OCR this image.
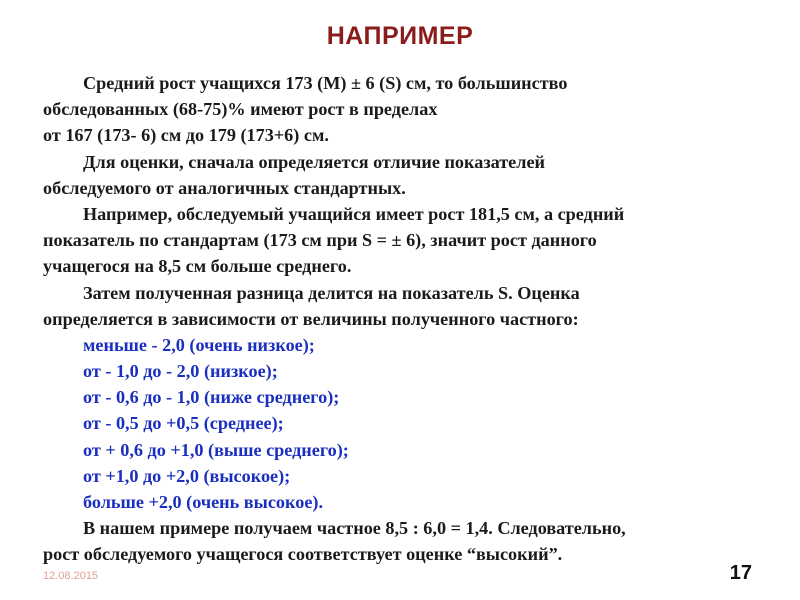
НАПРИМЕР
Средний рост учащихся 173 (М) ± 6 (S) см, то большинство
обследованных (68-75)% имеют рост в пределах
от 167 (173- 6) см до 179 (173+6) см.
Для оценки, сначала определяется отличие показателей
обследуемого от аналогичных стандартных.
Например, обследуемый учащийся имеет рост 181,5 см, а средний
показатель по стандартам (173 см при S = ± 6), значит рост данного
учащегося на 8,5 см больше среднего.
Затем полученная разница делится на показатель S. Оценка
определяется в зависимости от величины полученного частного:
меньше - 2,0 (очень низкое);
от - 1,0 до - 2,0 (низкое);
от - 0,6 до - 1,0 (ниже среднего);
от - 0,5 до +0,5 (среднее);
от + 0,6 до +1,0 (выше среднего);
от +1,0 до +2,0 (высокое);
больше +2,0 (очень высокое).
В нашем примере получаем частное 8,5 : 6,0 = 1,4. Следовательно,
рост обследуемого учащегося соответствует оценке “высокий”.
12.08.2015	17
